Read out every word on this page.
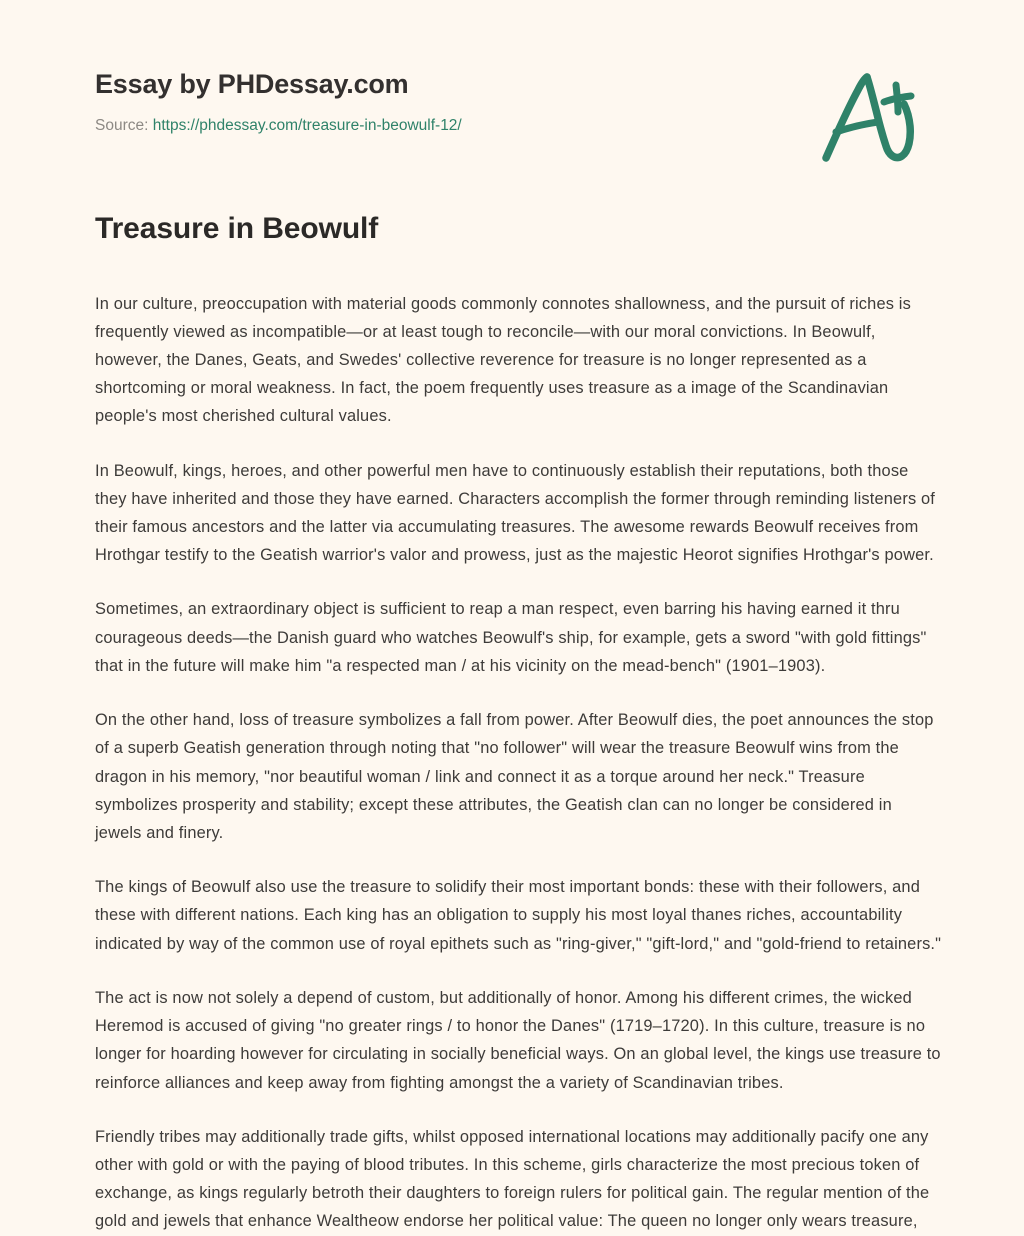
Essay by PHDessay.com
Source: https://phdessay.com/treasure-in-beowulf-12/
Treasure in Beowulf

In our culture, preoccupation with material goods commonly connotes shallowness, and the pursuit of riches is frequently viewed as incompatible—or at least tough to reconcile—with our moral convictions. In Beowulf, however, the Danes, Geats, and Swedes' collective reverence for treasure is no longer represented as a shortcoming or moral weakness. In fact, the poem frequently uses treasure as a image of the Scandinavian people's most cherished cultural values.

In Beowulf, kings, heroes, and other powerful men have to continuously establish their reputations, both those they have inherited and those they have earned. Characters accomplish the former through reminding listeners of their famous ancestors and the latter via accumulating treasures. The awesome rewards Beowulf receives from Hrothgar testify to the Geatish warrior's valor and prowess, just as the majestic Heorot signifies Hrothgar's power.

Sometimes, an extraordinary object is sufficient to reap a man respect, even barring his having earned it thru courageous deeds—the Danish guard who watches Beowulf's ship, for example, gets a sword "with gold fittings" that in the future will make him "a respected man / at his vicinity on the mead-bench" (1901–1903).

On the other hand, loss of treasure symbolizes a fall from power. After Beowulf dies, the poet announces the stop of a superb Geatish generation through noting that "no follower" will wear the treasure Beowulf wins from the dragon in his memory, "nor beautiful woman / link and connect it as a torque around her neck." Treasure symbolizes prosperity and stability; except these attributes, the Geatish clan can no longer be considered in jewels and finery.

The kings of Beowulf also use the treasure to solidify their most important bonds: these with their followers, and these with different nations. Each king has an obligation to supply his most loyal thanes riches, accountability indicated by way of the common use of royal epithets such as "ring-giver," "gift-lord," and "gold-friend to retainers."

The act is now not solely a depend of custom, but additionally of honor. Among his different crimes, the wicked Heremod is accused of giving "no greater rings / to honor the Danes" (1719–1720). In this culture, treasure is no longer for hoarding however for circulating in socially beneficial ways. On an global level, the kings use treasure to reinforce alliances and keep away from fighting amongst the a variety of Scandinavian tribes.

Friendly tribes may additionally trade gifts, whilst opposed international locations may additionally pacify one any other with gold or with the paying of blood tributes. In this scheme, girls characterize the most precious token of exchange, as kings regularly betroth their daughters to foreign rulers for political gain. The regular mention of the gold and jewels that enhance Wealtheow endorse her political value: The queen no longer only wears treasure,
